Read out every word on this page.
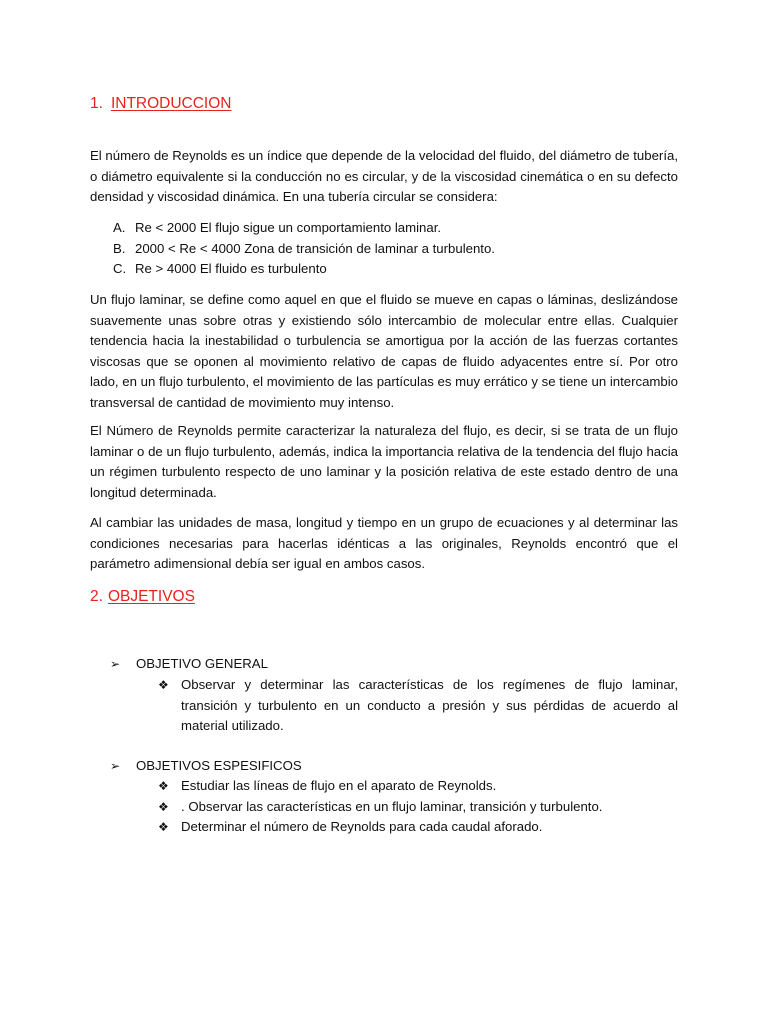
1. INTRODUCCION

El número de Reynolds es un índice que depende de la velocidad del fluido, del diámetro de tubería, o diámetro equivalente si la conducción no es circular, y de la viscosidad cinemática o en su defecto densidad y viscosidad dinámica. En una tubería circular se considera:

A. Re < 2000 El flujo sigue un comportamiento laminar.
B. 2000 < Re < 4000 Zona de transición de laminar a turbulento.
C. Re > 4000 El fluido es turbulento

Un flujo laminar, se define como aquel en que el fluido se mueve en capas o láminas, deslizándose suavemente unas sobre otras y existiendo sólo intercambio de molecular entre ellas. Cualquier tendencia hacia la inestabilidad o turbulencia se amortigua por la acción de las fuerzas cortantes viscosas que se oponen al movimiento relativo de capas de fluido adyacentes entre sí. Por otro lado, en un flujo turbulento, el movimiento de las partículas es muy errático y se tiene un intercambio transversal de cantidad de movimiento muy intenso.

El Número de Reynolds permite caracterizar la naturaleza del flujo, es decir, si se trata de un flujo laminar o de un flujo turbulento, además, indica la importancia relativa de la tendencia del flujo hacia un régimen turbulento respecto de uno laminar y la posición relativa de este estado dentro de una longitud determinada.

Al cambiar las unidades de masa, longitud y tiempo en un grupo de ecuaciones y al determinar las condiciones necesarias para hacerlas idénticas a las originales, Reynolds encontró que el parámetro adimensional debía ser igual en ambos casos.

2. OBJETIVOS
➢ OBJETIVO GENERAL
❖ Observar y determinar las características de los regímenes de flujo laminar, transición y turbulento en un conducto a presión y sus pérdidas de acuerdo al material utilizado.
➢ OBJETIVOS ESPESIFICOS
❖ Estudiar las líneas de flujo en el aparato de Reynolds.
❖ . Observar las características en un flujo laminar, transición y turbulento.
❖ Determinar el número de Reynolds para cada caudal aforado.
